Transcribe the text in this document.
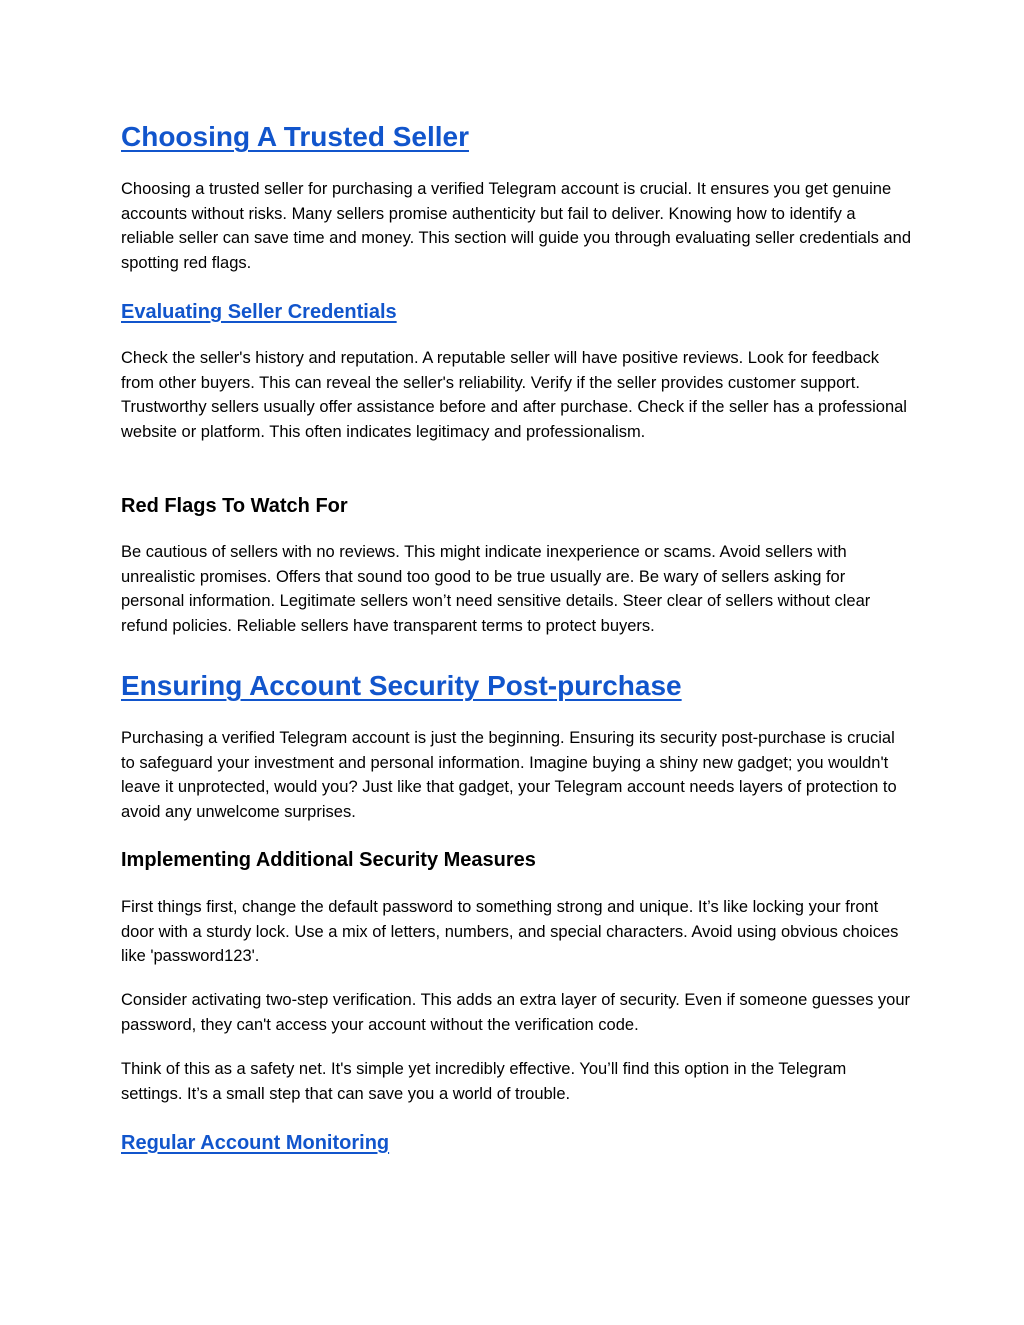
Choosing A Trusted Seller

Choosing a trusted seller for purchasing a verified Telegram account is crucial. It ensures you get genuine accounts without risks. Many sellers promise authenticity but fail to deliver. Knowing how to identify a reliable seller can save time and money. This section will guide you through evaluating seller credentials and spotting red flags.

Evaluating Seller Credentials

Check the seller's history and reputation. A reputable seller will have positive reviews. Look for feedback from other buyers. This can reveal the seller's reliability. Verify if the seller provides customer support. Trustworthy sellers usually offer assistance before and after purchase. Check if the seller has a professional website or platform. This often indicates legitimacy and professionalism.

Red Flags To Watch For

Be cautious of sellers with no reviews. This might indicate inexperience or scams. Avoid sellers with unrealistic promises. Offers that sound too good to be true usually are. Be wary of sellers asking for personal information. Legitimate sellers won’t need sensitive details. Steer clear of sellers without clear refund policies. Reliable sellers have transparent terms to protect buyers.

Ensuring Account Security Post-purchase

Purchasing a verified Telegram account is just the beginning. Ensuring its security post-purchase is crucial to safeguard your investment and personal information. Imagine buying a shiny new gadget; you wouldn't leave it unprotected, would you? Just like that gadget, your Telegram account needs layers of protection to avoid any unwelcome surprises.

Implementing Additional Security Measures

First things first, change the default password to something strong and unique. It’s like locking your front door with a sturdy lock. Use a mix of letters, numbers, and special characters. Avoid using obvious choices like 'password123'.

Consider activating two-step verification. This adds an extra layer of security. Even if someone guesses your password, they can't access your account without the verification code.

Think of this as a safety net. It's simple yet incredibly effective. You’ll find this option in the Telegram settings. It’s a small step that can save you a world of trouble.

Regular Account Monitoring
